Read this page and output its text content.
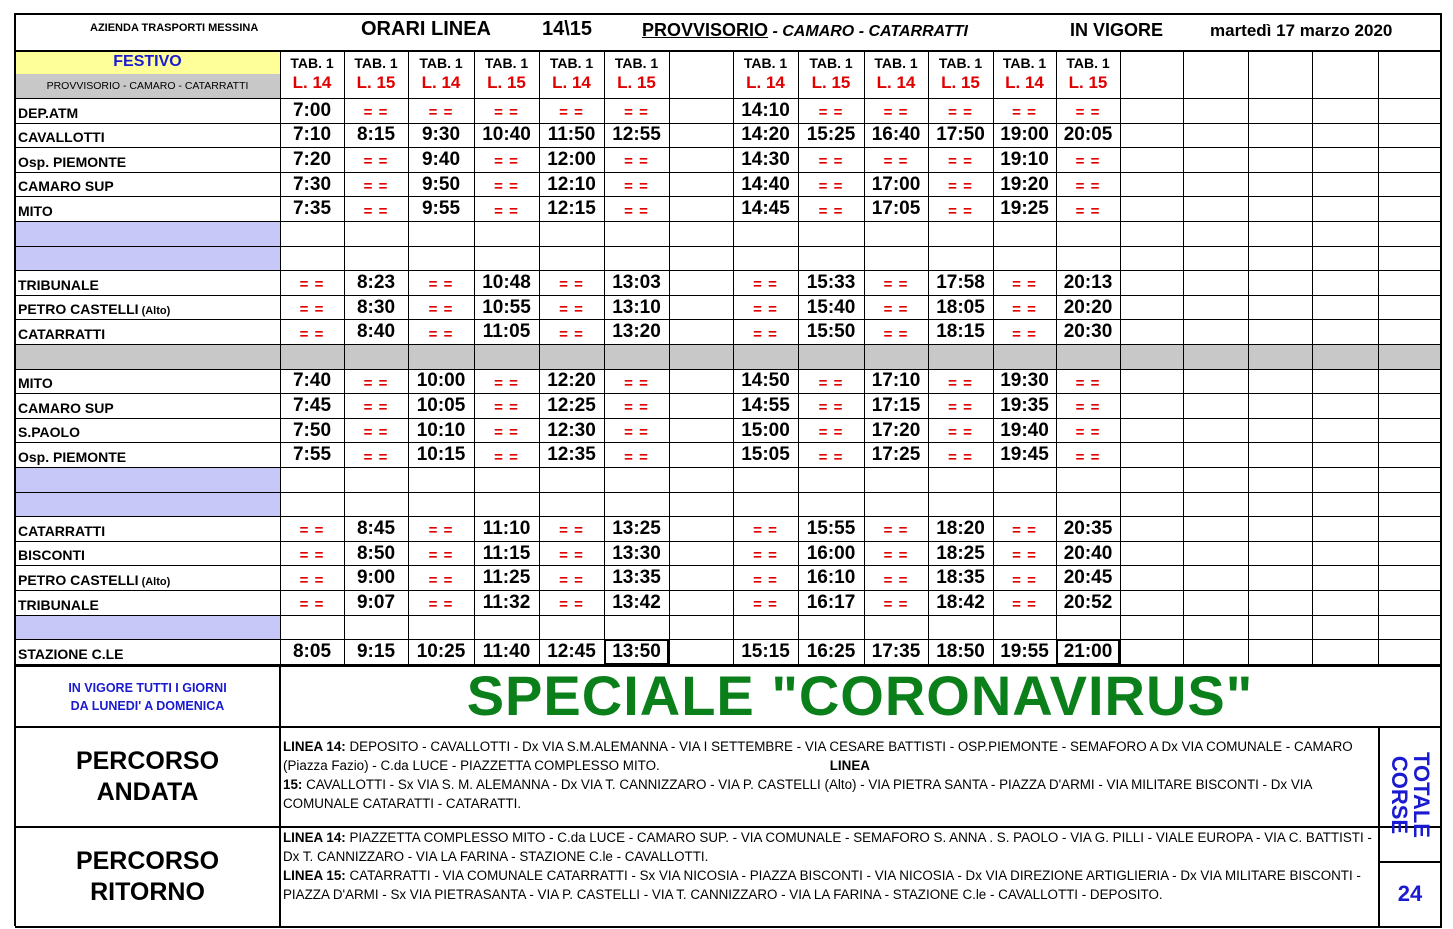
AZIENDA TRASPORTI MESSINA	ORARI LINEA	14\15	PROVVISORIO - CAMARO - CATARRATTI	IN VIGORE	martedì 17 marzo 2020
FESTIVO
PROVVISORIO - CAMARO - CATARRATTI
TAB. 1
L. 14
TAB. 1
L. 15
TAB. 1
L. 14
TAB. 1
L. 15
TAB. 1
L. 14
TAB. 1
L. 15
TAB. 1
L. 14
TAB. 1
L. 15
TAB. 1
L. 14
TAB. 1
L. 15
TAB. 1
L. 14
TAB. 1
L. 15
DEP.ATM	7:00	= =	= =	= =	= =	= =	14:10	= =	= =	= =	= =	= =
CAVALLOTTI	7:10	8:15	9:30	10:40 11:50 12:55	14:20 15:25 16:40 17:50 19:00 20:05
Osp. PIEMONTE	7:20	= =	9:40	= =	12:00	= =	14:30	= =	= =	= =	19:10	= =
CAMARO SUP	7:30	= =	9:50	= =	12:10	= =	14:40	= =	17:00	= =	19:20	= =
MITO	7:35	= =	9:55	= =	12:15	= =	14:45	= =	17:05	= =	19:25	= =
TRIBUNALE	= =	8:23	= =	10:48	= =	13:03	= =	15:33	= =	17:58	= =	20:13
PETRO CASTELLI (Alto)	= =	8:30	= =	10:55	= =	13:10	= =	15:40	= =	18:05	= =	20:20
CATARRATTI	= =	8:40	= =	11:05	= =	13:20	= =	15:50	= =	18:15	= =	20:30
MITO	7:40	= =	10:00	= =	12:20	= =	14:50	= =	17:10	= =	19:30	= =
CAMARO SUP	7:45	= =	10:05	= =	12:25	= =	14:55	= =	17:15	= =	19:35	= =
S.PAOLO	7:50	= =	10:10	= =	12:30	= =	15:00	= =	17:20	= =	19:40	= =
Osp. PIEMONTE	7:55	= =	10:15	= =	12:35	= =	15:05	= =	17:25	= =	19:45	= =
CATARRATTI	= =	8:45	= =	11:10	= =	13:25	= =	15:55	= =	18:20	= =	20:35
BISCONTI	= =	8:50	= =	11:15	= =	13:30	= =	16:00	= =	18:25	= =	20:40
PETRO CASTELLI (Alto)	= =	9:00	= =	11:25	= =	13:35	= =	16:10	= =	18:35	= =	20:45
TRIBUNALE	= =	9:07	= =	11:32	= =	13:42	= =	16:17	= =	18:42	= =	20:52
STAZIONE C.LE	8:05	9:15	10:25 11:40 12:45 13:50	15:15 16:25 17:35 18:50 19:55 21:00
IN VIGORE TUTTI I GIORNI
DA LUNEDI' A DOMENICA	SPECIALE "CORONAVIRUS"
PERCORSO
ANDATA
PERCORSO
RITORNO
LINEA 14: DEPOSITO - CAVALLOTTI - Dx VIA S.M.ALEMANNA - VIA I SETTEMBRE - VIA CESARE BATTISTI - OSP.PIEMONTE - SEMAFORO A Dx VIA COMUNALE - CAMARO (Piazza Fazio) - C.da LUCE - PIAZZETTA COMPLESSO MITO.	LINEA
15: CAVALLOTTI - Sx VIA S. M. ALEMANNA - Dx VIA T. CANNIZZARO - VIA P. CASTELLI (Alto) - VIA PIETRA SANTA - PIAZZA D'ARMI - VIA MILITARE BISCONTI - Dx VIA COMUNALE CATARATTI - CATARATTI.
LINEA 14: PIAZZETTA COMPLESSO MITO - C.da LUCE - CAMARO SUP. - VIA COMUNALE - SEMAFORO S. ANNA . S. PAOLO - VIA G. PILLI - VIALE EUROPA - VIA C. BATTISTI - Dx T. CANNIZZARO - VIA LA FARINA - STAZIONE C.le - CAVALLOTTI.
LINEA 15: CATARRATTI - VIA COMUNALE CATARRATTI - Sx VIA NICOSIA - PIAZZA BISCONTI - VIA NICOSIA - Dx VIA DIREZIONE ARTIGLIERIA - Dx VIA MILITARE BISCONTI - PIAZZA D'ARMI - Sx VIA PIETRASANTA - VIA P. CASTELLI - VIA T. CANNIZZARO - VIA LA FARINA - STAZIONE C.le - CAVALLOTTI - DEPOSITO.
TOTALE
CORSE
24
